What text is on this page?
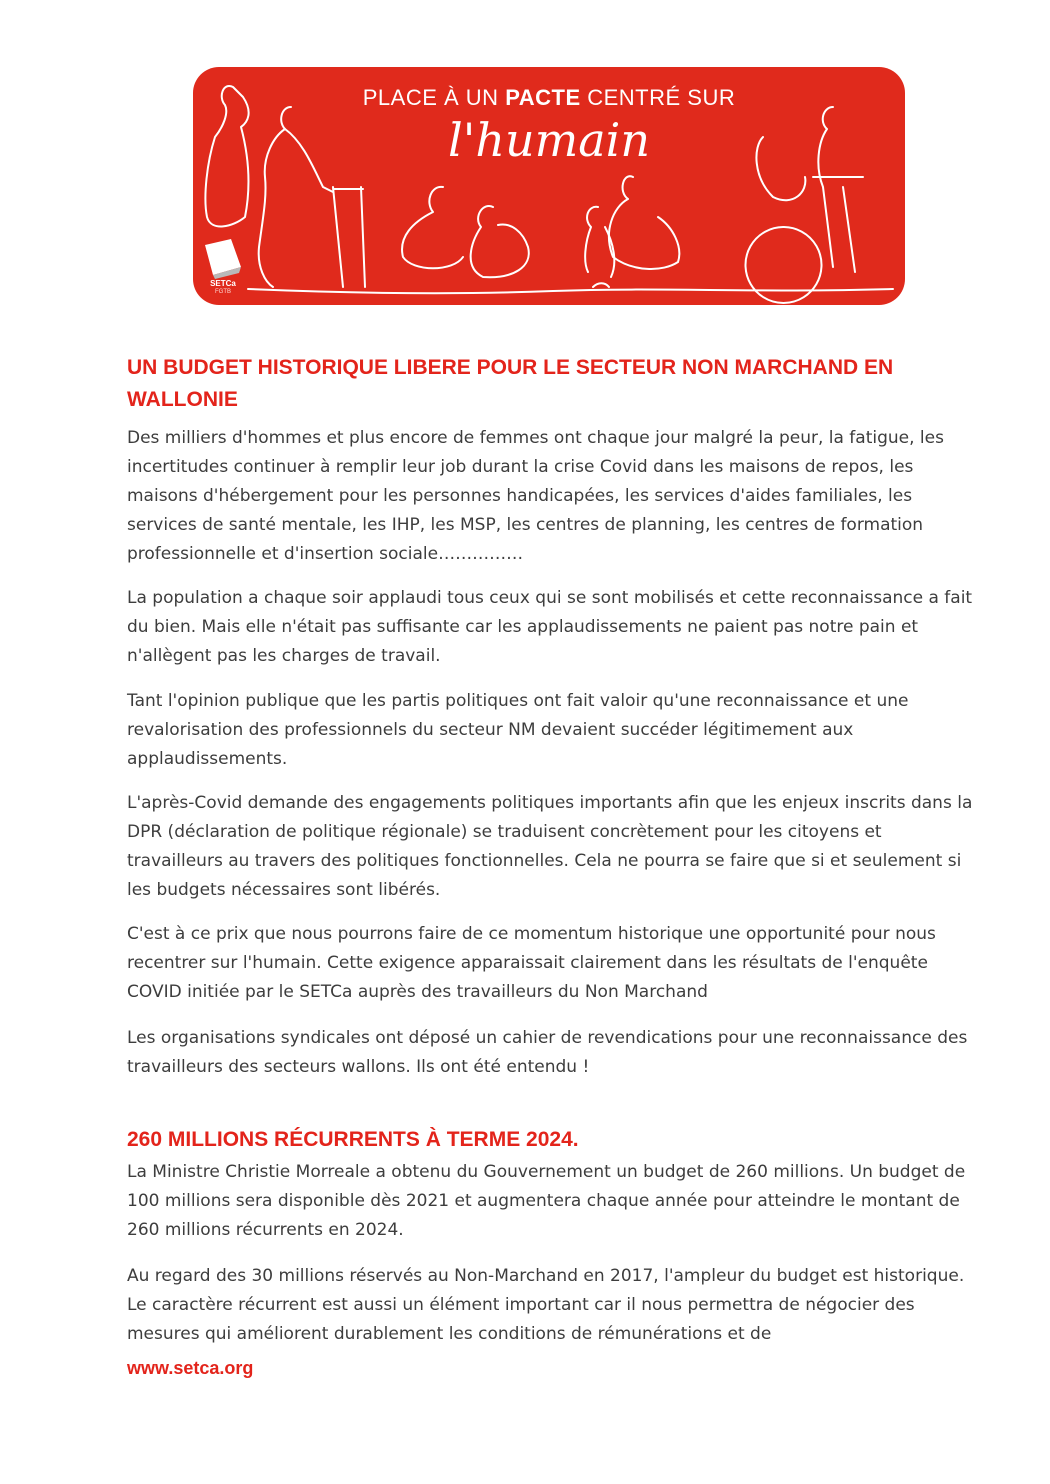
PLACE À UN PACTE CENTRÉ SUR
l'humain
SETCa
FGTB
UN BUDGET HISTORIQUE LIBERE POUR LE SECTEUR NON MARCHAND EN WALLONIE

Des milliers d'hommes et plus encore de femmes ont chaque jour malgré la peur, la fatigue, les incertitudes continuer à remplir leur job durant la crise Covid dans les maisons de repos, les maisons d'hébergement pour les personnes handicapées, les services d'aides familiales, les services de santé mentale, les IHP, les MSP, les centres de planning, les centres de formation professionnelle et d'insertion sociale……………

La population a chaque soir applaudi tous ceux qui se sont mobilisés et cette reconnaissance a fait du bien. Mais elle n'était pas suffisante car les applaudissements ne paient pas notre pain et n'allègent pas les charges de travail.

Tant l'opinion publique que les partis politiques ont fait valoir qu'une reconnaissance et une revalorisation des professionnels du secteur NM devaient succéder légitimement aux applaudissements.

L'après-Covid demande des engagements politiques importants afin que les enjeux inscrits dans la DPR (déclaration de politique régionale) se traduisent concrètement pour les citoyens et travailleurs au travers des politiques fonctionnelles. Cela ne pourra se faire que si et seulement si les budgets nécessaires sont libérés.

C'est à ce prix que nous pourrons faire de ce momentum historique une opportunité pour nous recentrer sur l'humain. Cette exigence apparaissait clairement dans les résultats de l'enquête COVID initiée par le SETCa auprès des travailleurs du Non Marchand

Les organisations syndicales ont déposé un cahier de revendications pour une reconnaissance des travailleurs des secteurs wallons. Ils ont été entendu !

260 MILLIONS RÉCURRENTS À TERME 2024.

La Ministre Christie Morreale a obtenu du Gouvernement un budget de 260 millions. Un budget de 100 millions sera disponible dès 2021 et augmentera chaque année pour atteindre le montant de 260 millions récurrents en 2024.

Au regard des 30 millions réservés au Non-Marchand en 2017, l'ampleur du budget est historique. Le caractère récurrent est aussi un élément important car il nous permettra de négocier des mesures qui améliorent durablement les conditions de rémunérations et de

www.setca.org
